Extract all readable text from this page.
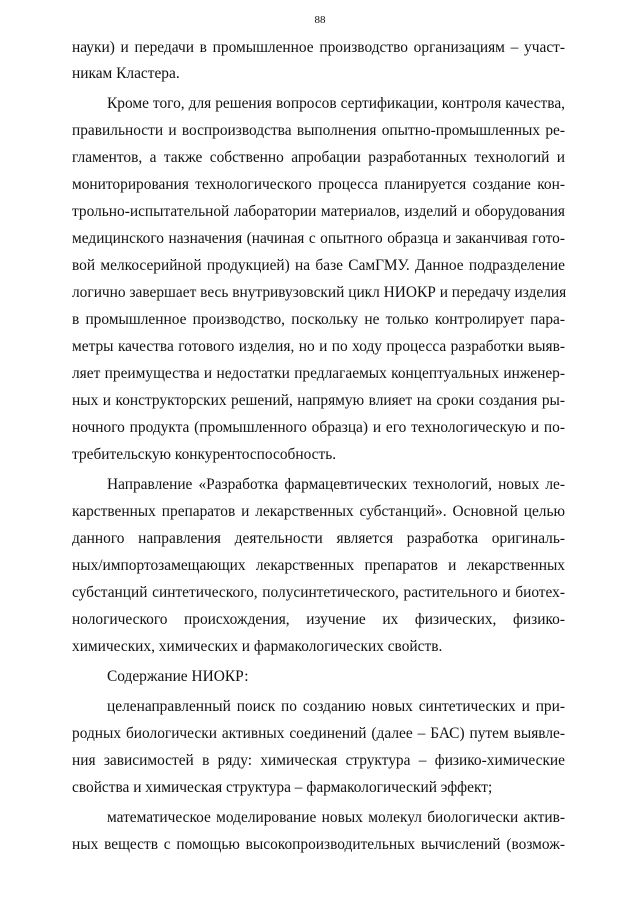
88
науки) и передачи в промышленное производство организациям – участ-
никам Кластера.
Кроме того, для решения вопросов сертификации, контроля качества,
правильности и воспроизводства выполнения опытно-промышленных ре-
гламентов, а также собственно апробации разработанных технологий и
мониторирования технологического процесса планируется создание кон-
трольно-испытательной лаборатории материалов, изделий и оборудования
медицинского назначения (начиная с опытного образца и заканчивая гото-
вой мелкосерийной продукцией) на базе СамГМУ. Данное подразделение
логично завершает весь внутривузовский цикл НИОКР и передачу изделия
в промышленное производство, поскольку не только контролирует пара-
метры качества готового изделия, но и по ходу процесса разработки выяв-
ляет преимущества и недостатки предлагаемых концептуальных инженер-
ных и конструкторских решений, напрямую влияет на сроки создания ры-
ночного продукта (промышленного образца) и его технологическую и по-
требительскую конкурентоспособность.
Направление «Разработка фармацевтических технологий, новых ле-
карственных препаратов и лекарственных субстанций». Основной целью
данного направления деятельности является разработка оригиналь-
ных/импортозамещающих лекарственных препаратов и лекарственных
субстанций синтетического, полусинтетического, растительного и биотех-
нологического происхождения, изучение их физических, физико-
химических, химических и фармакологических свойств.
Содержание НИОКР:
целенаправленный поиск по созданию новых синтетических и при-
родных биологически активных соединений (далее – БАС) путем выявле-
ния зависимостей в ряду: химическая структура – физико-химические
свойства и химическая структура – фармакологический эффект;
математическое моделирование новых молекул биологически актив-
ных веществ с помощью высокопроизводительных вычислений (возмож-
